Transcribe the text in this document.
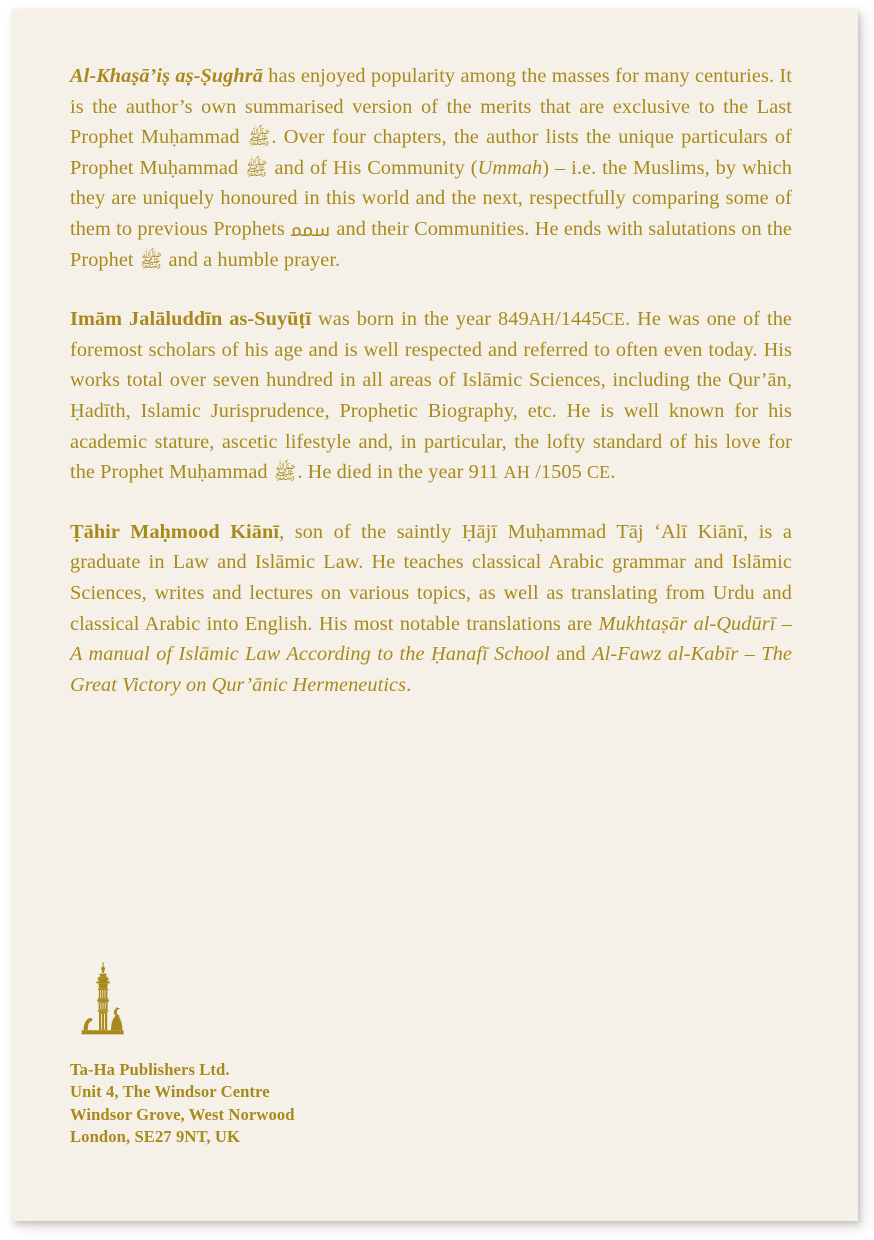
Al-Khaṣā’iṣ aṣ-Ṣughrā has enjoyed popularity among the masses for many centuries. It is the author’s own summarised version of the merits that are exclusive to the Last Prophet Muḥammad ﷺ. Over four chapters, the author lists the unique particulars of Prophet Muḥammad ﷺ and of His Community (Ummah) – i.e. the Muslims, by which they are uniquely honoured in this world and the next, respectfully comparing some of them to previous Prophets ﵣ and their Communities. He ends with salutations on the Prophet ﷺ and a humble prayer.

Imām Jalāluddīn as-Suyūṭī was born in the year 849AH/1445CE. He was one of the foremost scholars of his age and is well respected and referred to often even today. His works total over seven hundred in all areas of Islāmic Sciences, including the Qur’ān, Ḥadīth, Islamic Jurisprudence, Prophetic Biography, etc. He is well known for his academic stature, ascetic lifestyle and, in particular, the lofty standard of his love for the Prophet Muḥammad ﷺ. He died in the year 911 AH /1505 CE.

Ṭāhir Maḥmood Kiānī, son of the saintly Ḥājī Muḥammad Tāj ‘Alī Kiānī, is a graduate in Law and Islāmic Law. He teaches classical Arabic grammar and Islāmic Sciences, writes and lectures on various topics, as well as translating from Urdu and classical Arabic into English. His most notable translations are Mukhtaṣār al-Qudūrī – A manual of Islāmic Law According to the Ḥanafī School and Al-Fawz al-Kabīr – The Great Victory on Qur’ānic Hermeneutics.

Ta-Ha Publishers Ltd.
Unit 4, The Windsor Centre
Windsor Grove, West Norwood
London, SE27 9NT, UK
